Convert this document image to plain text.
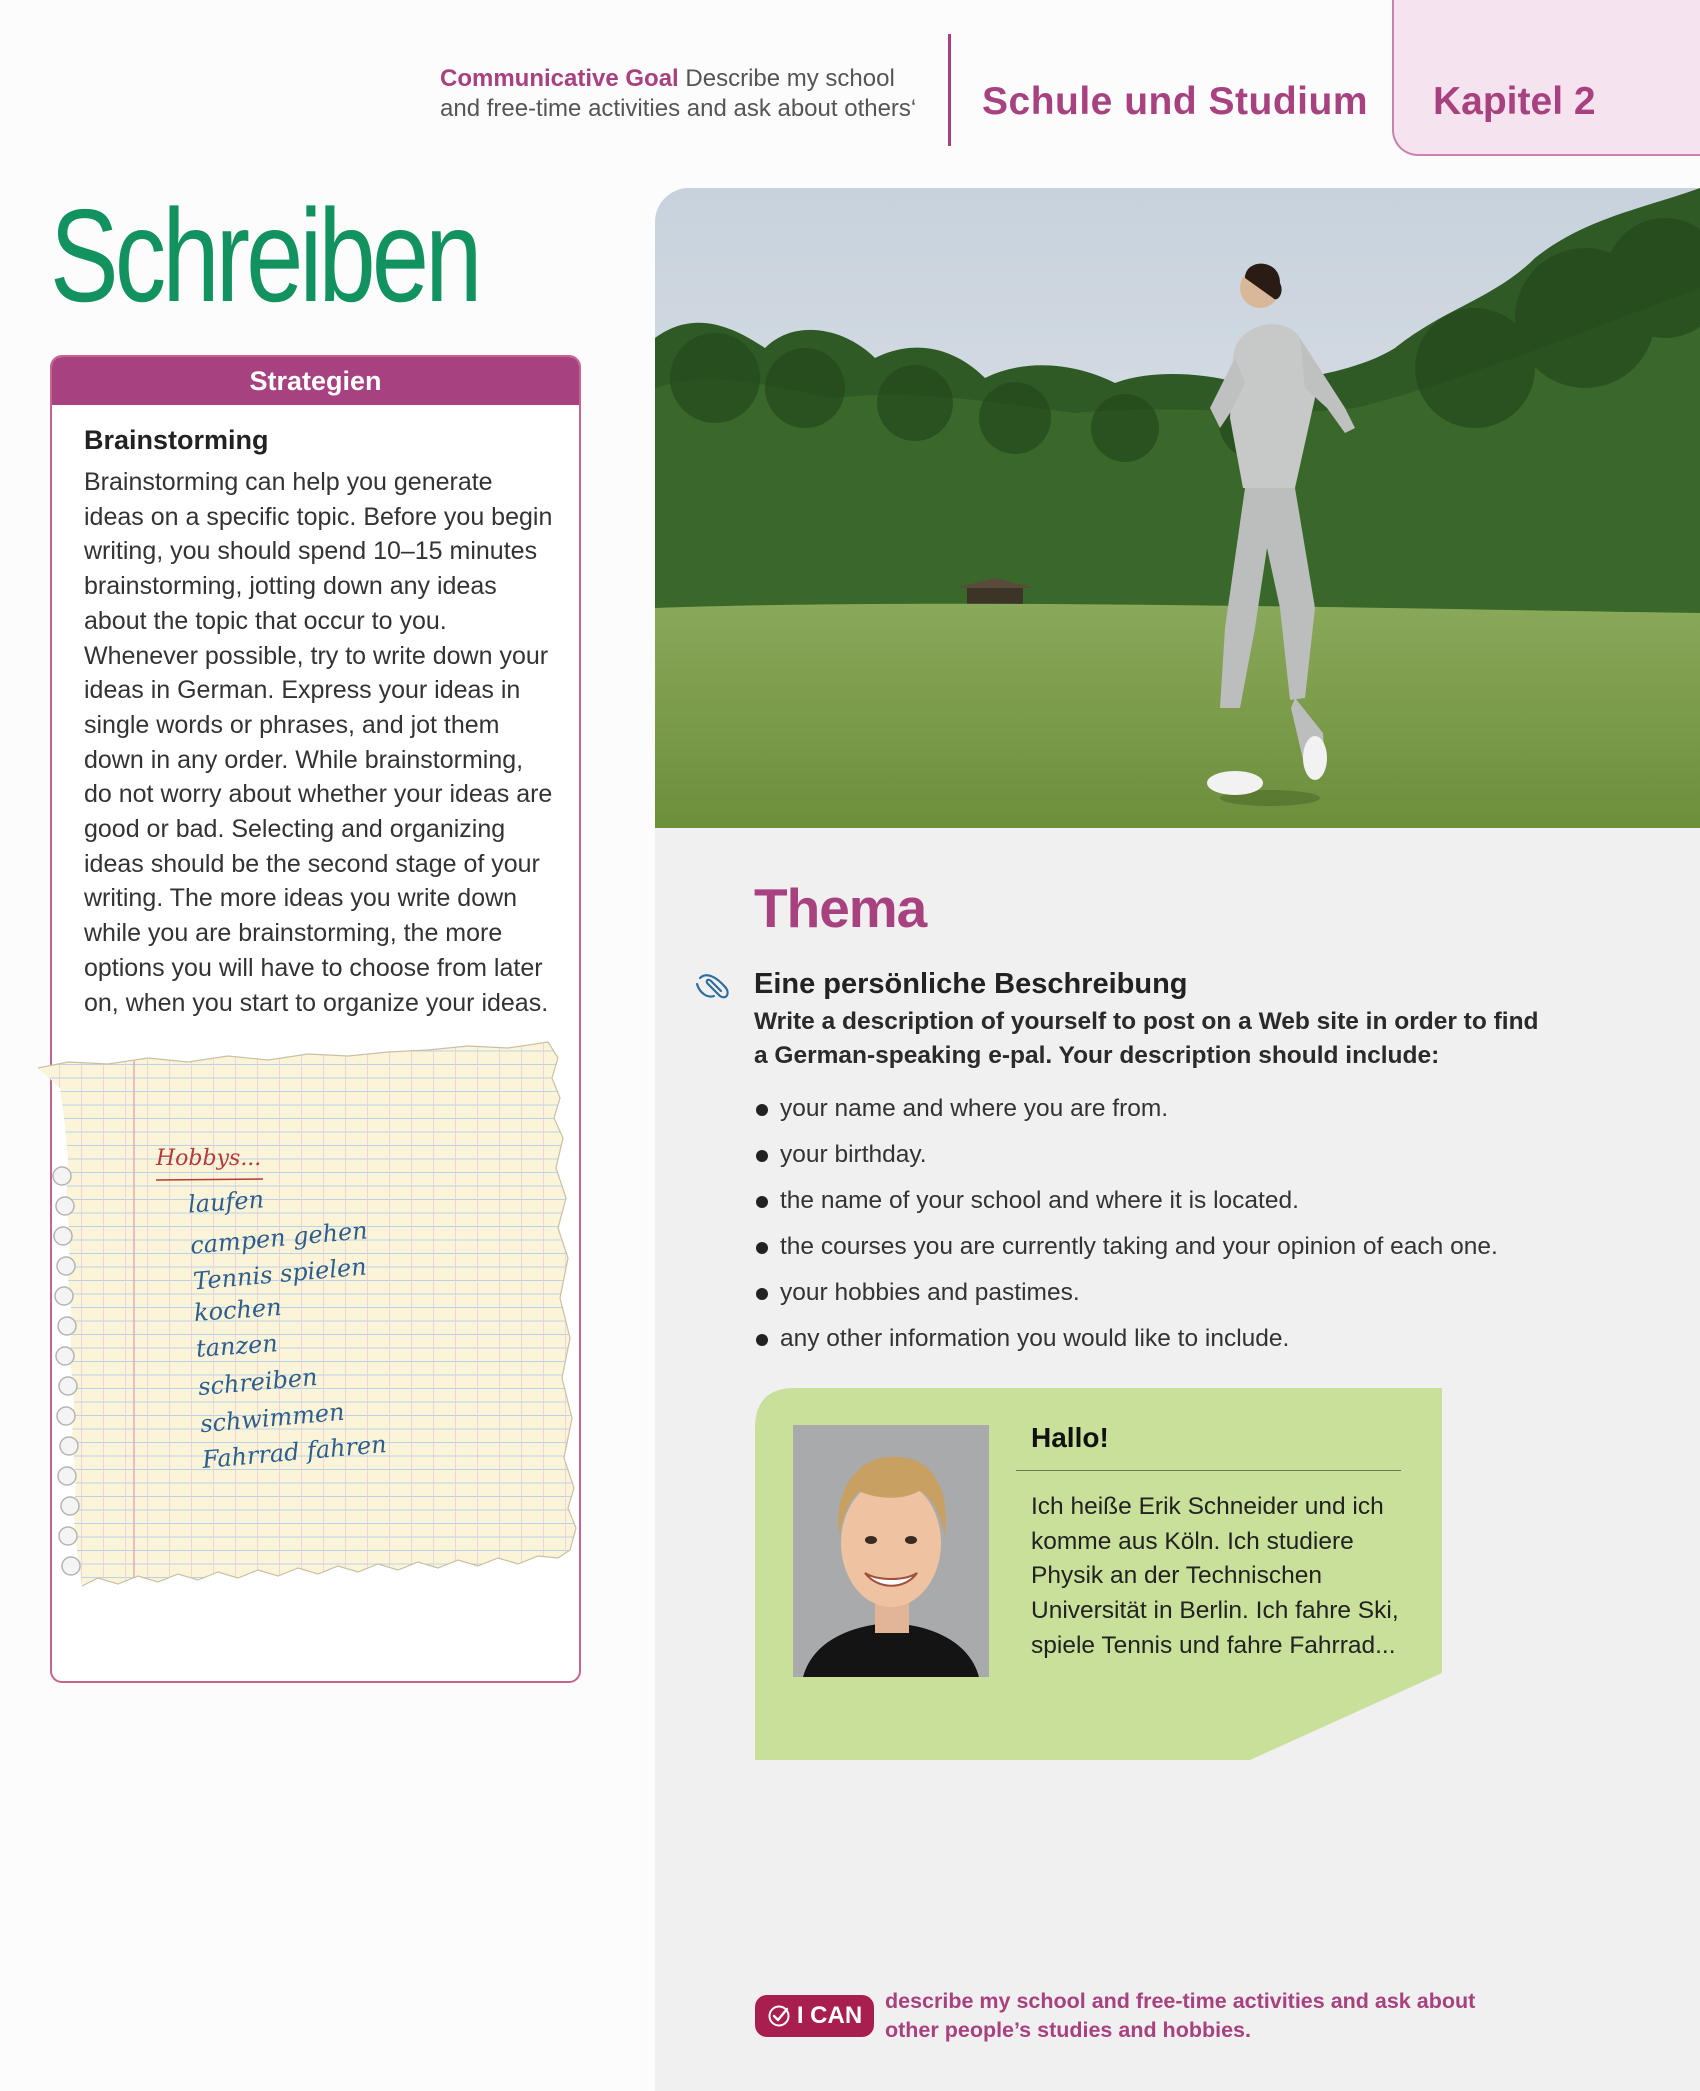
Communicative Goal Describe my school and free-time activities and ask about others‘ Schule und Studium Kapitel 2
Schreiben
Strategien
Brainstorming
Brainstorming can help you generate ideas on a specific topic. Before you begin writing, you should spend 10–15 minutes brainstorming, jotting down any ideas about the topic that occur to you. Whenever possible, try to write down your ideas in German. Express your ideas in single words or phrases, and jot them down in any order. While brainstorming, do not worry about whether your ideas are good or bad. Selecting and organizing ideas should be the second stage of your writing. The more ideas you write down while you are brainstorming, the more options you will have to choose from later on, when you start to organize your ideas.
Hobbys...
laufen
campen gehen
Tennis spielen
kochen
tanzen
schreiben
schwimmen
Fahrrad fahren
Thema
Eine persönliche Beschreibung
Write a description of yourself to post on a Web site in order to find a German-speaking e-pal. Your description should include:
your name and where you are from.
your birthday.
the name of your school and where it is located.
the courses you are currently taking and your opinion of each one.
your hobbies and pastimes.
any other information you would like to include.
Hallo!
Ich heiße Erik Schneider und ich komme aus Köln. Ich studiere Physik an der Technischen Universität in Berlin. Ich fahre Ski, spiele Tennis und fahre Fahrrad...
I CAN
describe my school and free-time activities and ask about other people’s studies and hobbies.
